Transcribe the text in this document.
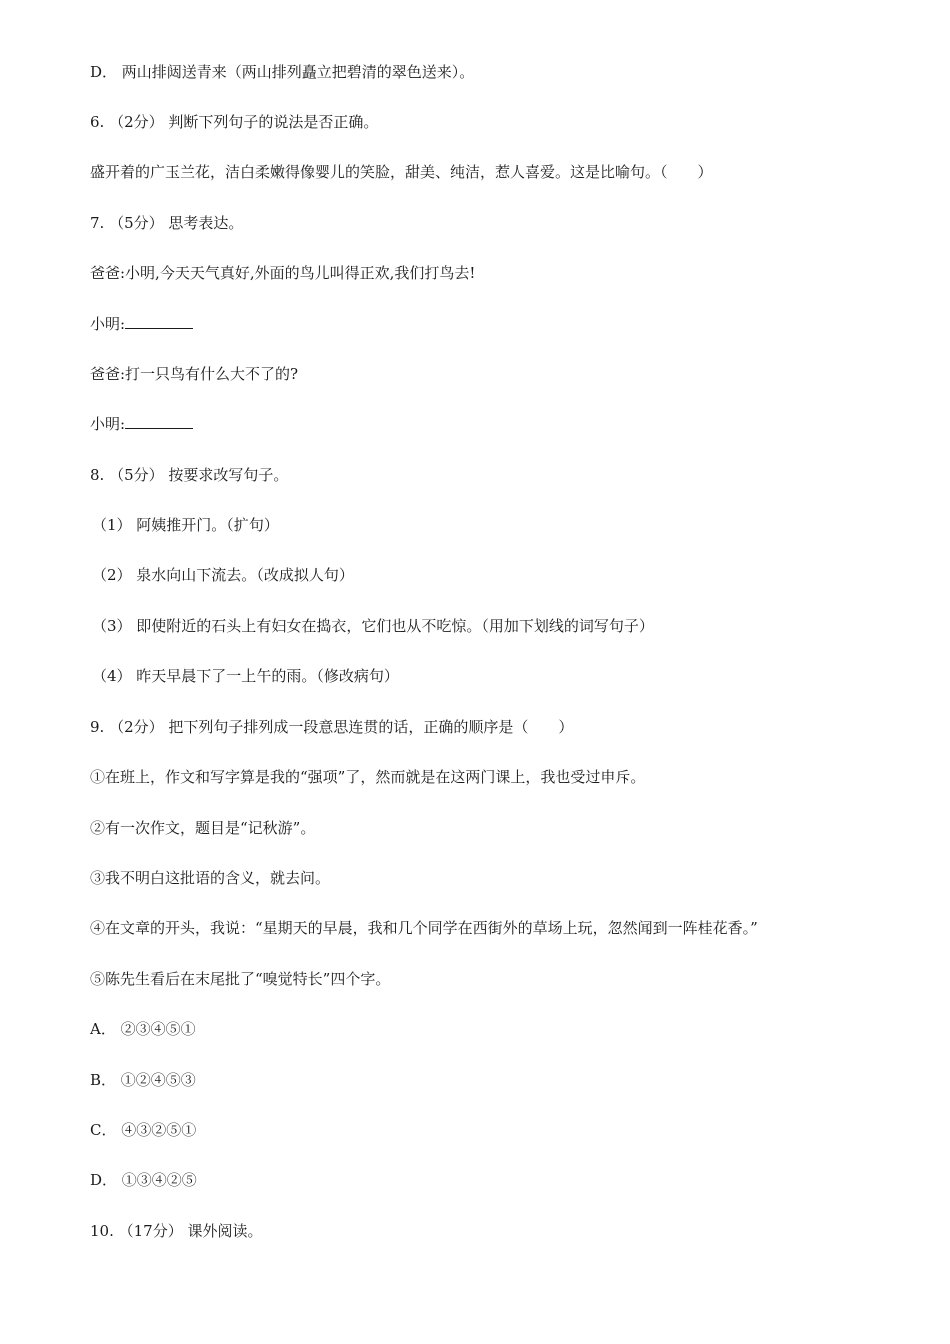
D． 两山排闼送青来（两山排列矗立把碧清的翠色送来）。
6. （2分） 判断下列句子的说法是否正确。
盛开着的广玉兰花，洁白柔嫩得像婴儿的笑脸，甜美、纯洁，惹人喜爱。这是比喻句。（　　）
7. （5分） 思考表达。
爸爸:小明,今天天气真好,外面的鸟儿叫得正欢,我们打鸟去!
小明:
爸爸:打一只鸟有什么大不了的?
小明:
8. （5分） 按要求改写句子。
（1） 阿姨推开门。（扩句）
（2） 泉水向山下流去。（改成拟人句）
（3） 即使附近的石头上有妇女在捣衣，它们也从不吃惊。（用加下划线的词写句子）
（4） 昨天早晨下了一上午的雨。（修改病句）
9. （2分） 把下列句子排列成一段意思连贯的话，正确的顺序是（　　）
①在班上，作文和写字算是我的“强项”了，然而就是在这两门课上，我也受过申斥。
②有一次作文，题目是“记秋游”。
③我不明白这批语的含义，就去问。
④在文章的开头，我说：“星期天的早晨，我和几个同学在西街外的草场上玩，忽然闻到一阵桂花香。”
⑤陈先生看后在末尾批了“嗅觉特长”四个字。
A． ②③④⑤①
B． ①②④⑤③
C． ④③②⑤①
D． ①③④②⑤
10. （17分） 课外阅读。
